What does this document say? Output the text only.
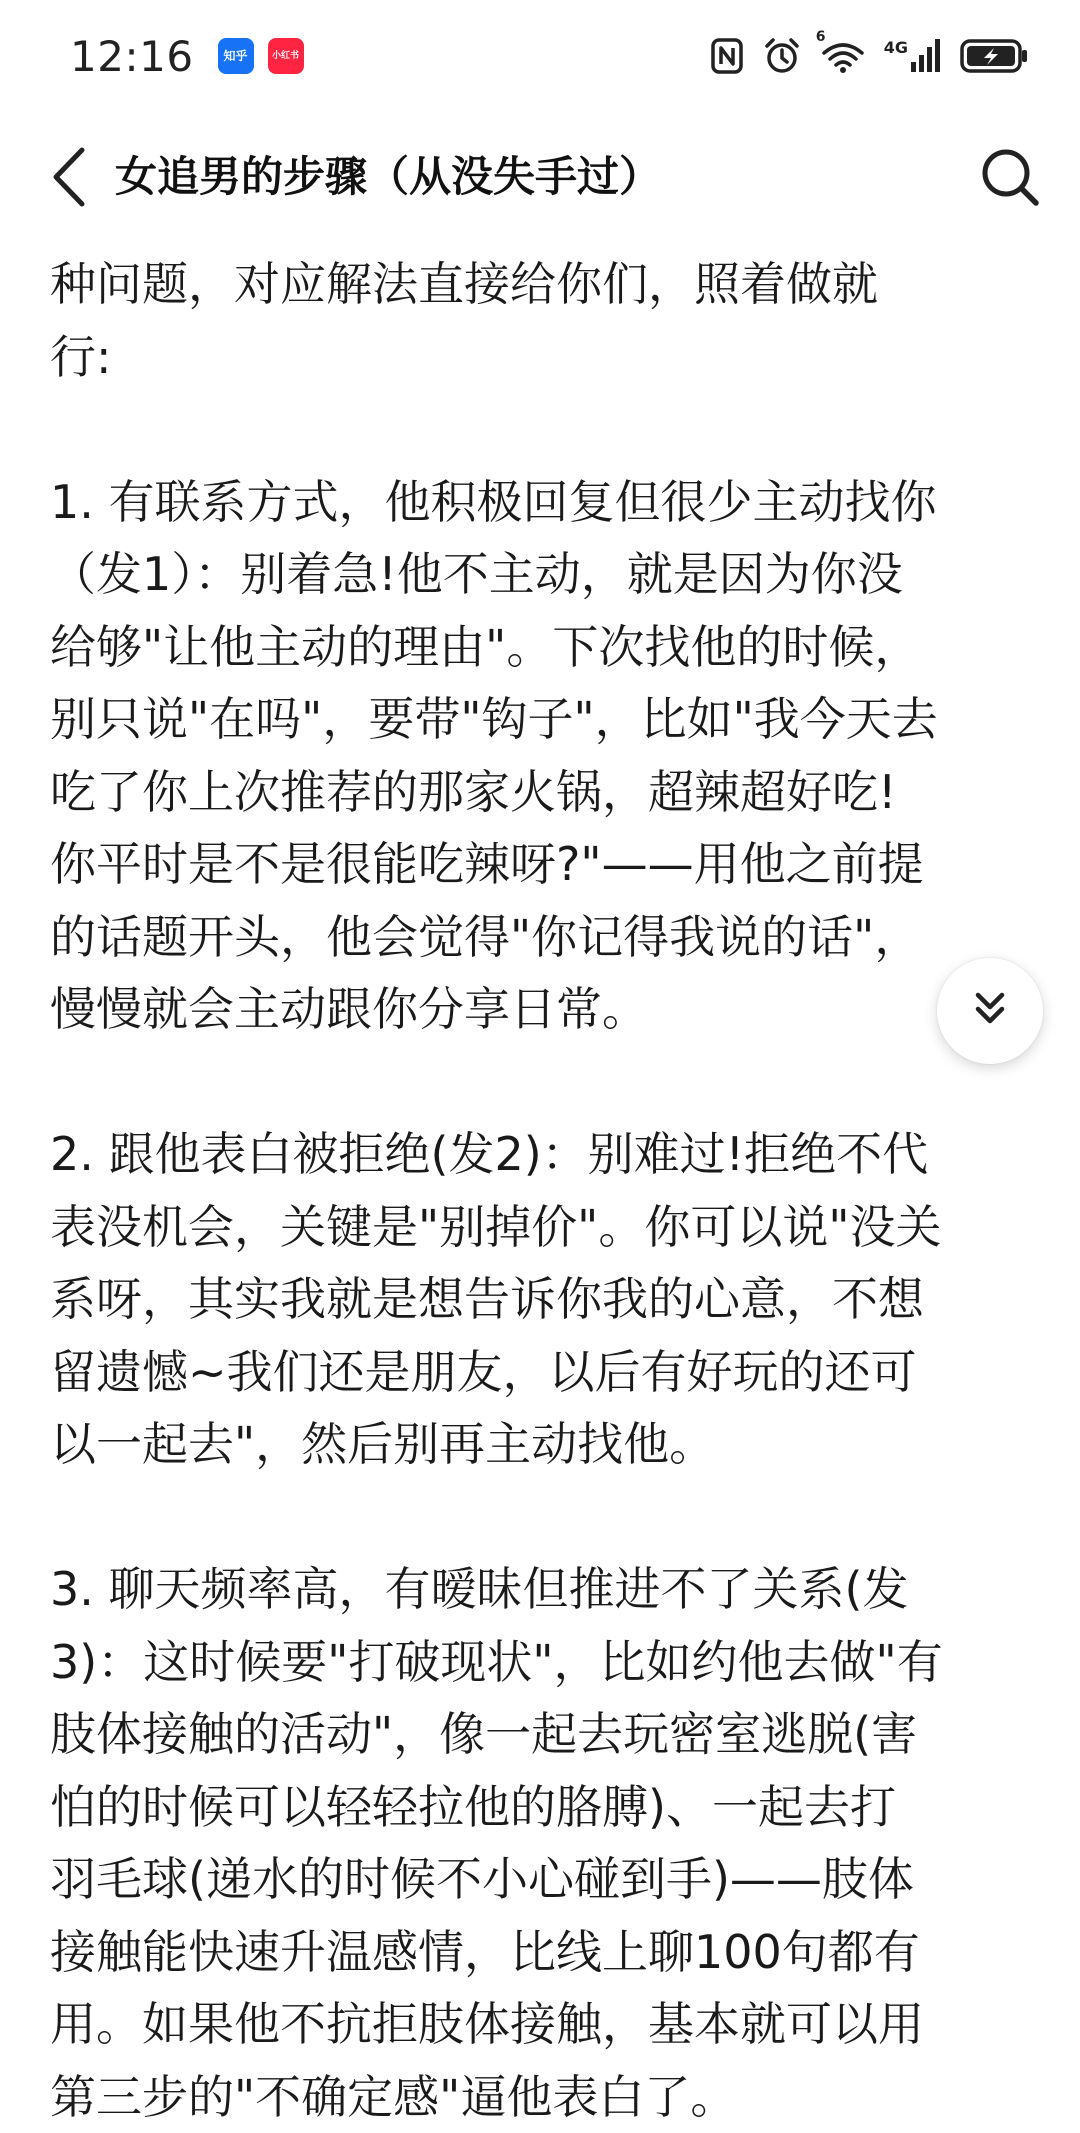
12:16 知乎	小红书
6
4G
女追男的步骤（从没失手过）
种问题，对应解法直接给你们，照着做就
行:
1. 有联系方式，他积极回复但很少主动找你
（发1）：别着急!他不主动，就是因为你没
给够"让他主动的理由"。下次找他的时候，
别只说"在吗"，要带"钩子"，比如"我今天去
吃了你上次推荐的那家火锅，超辣超好吃!
你平时是不是很能吃辣呀?"——用他之前提
的话题开头，他会觉得"你记得我说的话"，
慢慢就会主动跟你分享日常。
2. 跟他表白被拒绝(发2)：别难过!拒绝不代
表没机会，关键是"别掉价"。你可以说"没关
系呀，其实我就是想告诉你我的心意，不想
留遗憾~我们还是朋友，以后有好玩的还可
以一起去"，然后别再主动找他。
3. 聊天频率高，有暧昧但推进不了关系(发
3)：这时候要"打破现状"，比如约他去做"有
肢体接触的活动"，像一起去玩密室逃脱(害
怕的时候可以轻轻拉他的胳膊)、一起去打
羽毛球(递水的时候不小心碰到手)——肢体
接触能快速升温感情，比线上聊100句都有
用。如果他不抗拒肢体接触，基本就可以用
第三步的"不确定感"逼他表白了。
